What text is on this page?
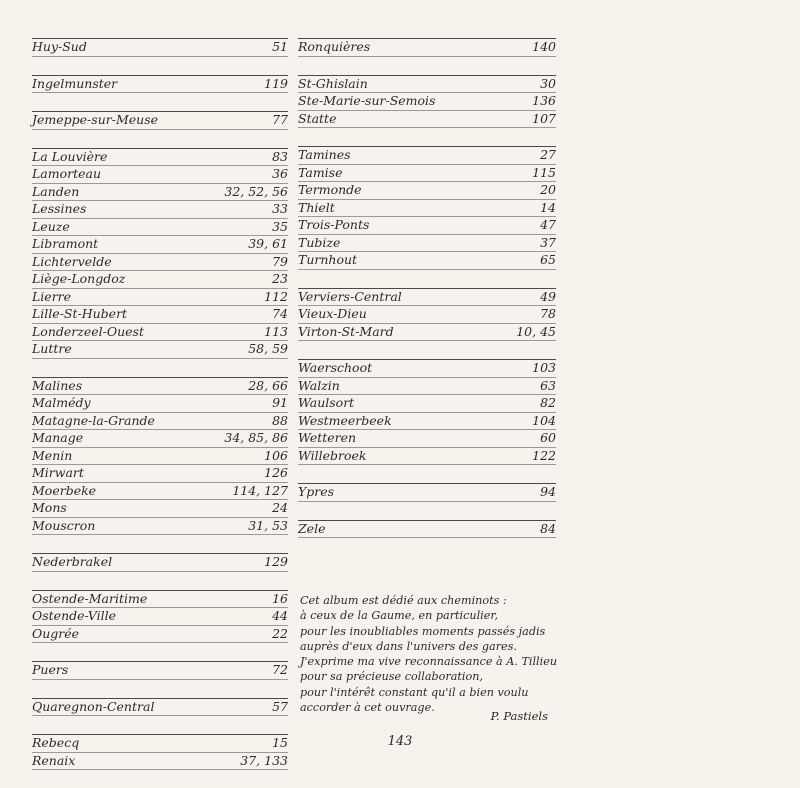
Huy-Sud	51
Ingelmunster	119
Jemeppe-sur-Meuse	77
La Louvière	83
Lamorteau	36
Landen	32, 52, 56
Lessines	33
Leuze	35
Libramont	39, 61
Lichtervelde	79
Liège-Longdoz	23
Lierre	112
Lille-St-Hubert	74
Londerzeel-Ouest	113
Luttre	58, 59
Malines	28, 66
Malmédy	91
Matagne-la-Grande	88
Manage	34, 85, 86
Menin	106
Mirwart	126
Moerbeke	114, 127
Mons	24
Mouscron	31, 53
Nederbrakel	129
Ostende-Maritime	16
Ostende-Ville	44
Ougrée	22
Puers	72
Quaregnon-Central	57
Rebecq	15
Renaix	37, 133
Ronquières	140
St-Ghislain	30
Ste-Marie-sur-Semois	136
Statte	107
Tamines	27
Tamise	115
Termonde	20
Thielt	14
Trois-Ponts	47
Tubize	37
Turnhout	65
Verviers-Central	49
Vieux-Dieu	78
Virton-St-Mard	10, 45
Waerschoot	103
Walzin	63
Waulsort	82
Westmeerbeek	104
Wetteren	60
Willebroek	122
Ypres	94
Zele	84
Cet album est dédié aux cheminots :
à ceux de la Gaume, en particulier,
pour les inoubliables moments passés jadis
auprès d'eux dans l'univers des gares.
J'exprime ma vive reconnaissance à A. Tillieu
pour sa précieuse collaboration,
pour l'intérêt constant qu'il a bien voulu
accorder à cet ouvrage.
P. Pastiels
143
